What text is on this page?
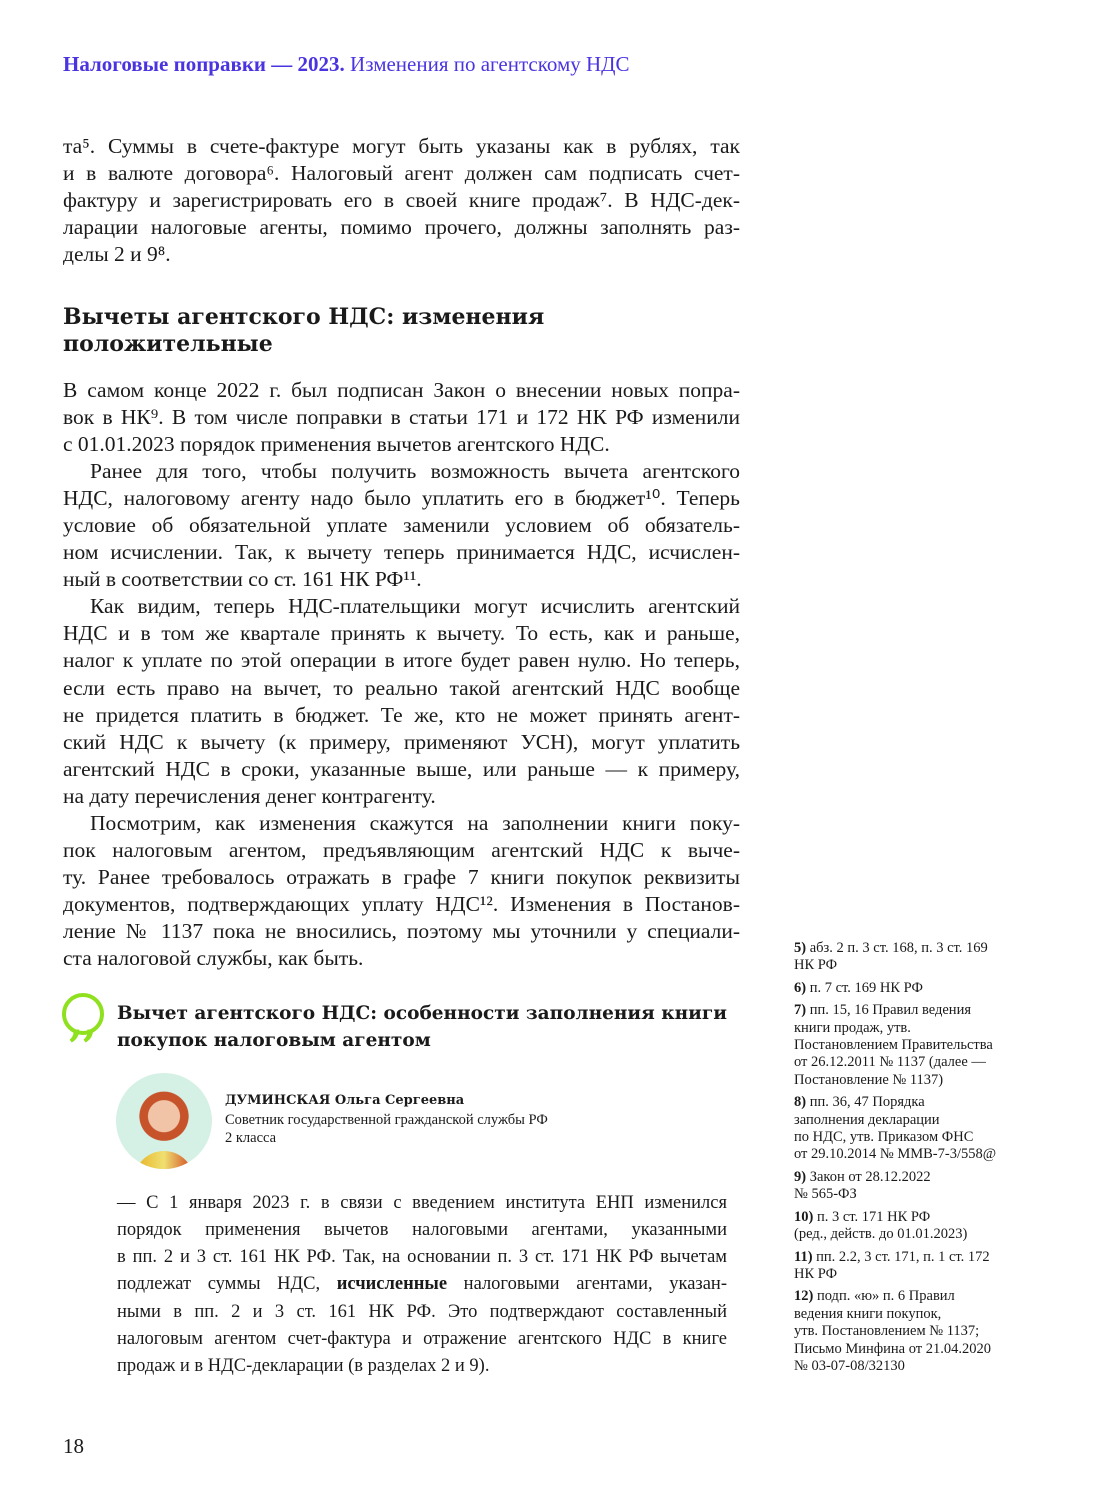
Налоговые поправки — 2023. Изменения по агентскому НДС
та⁵. Суммы в счете-фактуре могут быть указаны как в рублях, так
и в валюте договора⁶. Налоговый агент должен сам подписать счет-
фактуру и зарегистрировать его в своей книге продаж⁷. В НДС-дек-
ларации налоговые агенты, помимо прочего, должны заполнять раз-
делы 2 и 9⁸.
Вычеты агентского НДС: изменения
положительные
В самом конце 2022 г. был подписан Закон о внесении новых попра-
вок в НК⁹. В том числе поправки в статьи 171 и 172 НК РФ изменили
с 01.01.2023 порядок применения вычетов агентского НДС.
Ранее для того, чтобы получить возможность вычета агентского
НДС, налоговому агенту надо было уплатить его в бюджет¹⁰. Теперь
условие об обязательной уплате заменили условием об обязатель-
ном исчислении. Так, к вычету теперь принимается НДС, исчислен-
ный в соответствии со ст. 161 НК РФ¹¹.
Как видим, теперь НДС-плательщики могут исчислить агентский
НДС и в том же квартале принять к вычету. То есть, как и раньше,
налог к уплате по этой операции в итоге будет равен нулю. Но теперь,
если есть право на вычет, то реально такой агентский НДС вообще
не придется платить в бюджет. Те же, кто не может принять агент-
ский НДС к вычету (к примеру, применяют УСН), могут уплатить
агентский НДС в сроки, указанные выше, или раньше — к примеру,
на дату перечисления денег контрагенту.
Посмотрим, как изменения скажутся на заполнении книги поку-
пок налоговым агентом, предъявляющим агентский НДС к выче-
ту. Ранее требовалось отражать в графе 7 книги покупок реквизиты
документов, подтверждающих уплату НДС¹². Изменения в Постанов-
ление № 1137 пока не вносились, поэтому мы уточнили у специали-
ста налоговой службы, как быть.
,,	Вычет агентского НДС: особенности заполнения книги
покупок налоговым агентом
ДУМИНСКАЯ Ольга Сергеевна
Советник государственной гражданской службы РФ
2 класса
— С 1 января 2023 г. в связи с введением института ЕНП изменился
порядок применения вычетов налоговыми агентами, указанными
в пп. 2 и 3 ст. 161 НК РФ. Так, на основании п. 3 ст. 171 НК РФ вычетам
подлежат суммы НДС, исчисленные налоговыми агентами, указан-
ными в пп. 2 и 3 ст. 161 НК РФ. Это подтверждают составленный
налоговым агентом счет-фактура и отражение агентского НДС в книге
продаж и в НДС-декларации (в разделах 2 и 9).
5) абз. 2 п. 3 ст. 168, п. 3 ст. 169
НК РФ
6) п. 7 ст. 169 НК РФ
7) пп. 15, 16 Правил ведения
книги продаж, утв.
Постановлением Правительства
от 26.12.2011 № 1137 (далее —
Постановление № 1137)
8) пп. 36, 47 Порядка
заполнения декларации
по НДС, утв. Приказом ФНС
от 29.10.2014 № ММВ-7-3/558@
9) Закон от 28.12.2022
№ 565-ФЗ
10) п. 3 ст. 171 НК РФ
(ред., действ. до 01.01.2023)
11) пп. 2.2, 3 ст. 171, п. 1 ст. 172
НК РФ
12) подп. «ю» п. 6 Правил
ведения книги покупок,
утв. Постановлением № 1137;
Письмо Минфина от 21.04.2020
№ 03-07-08/32130
18
